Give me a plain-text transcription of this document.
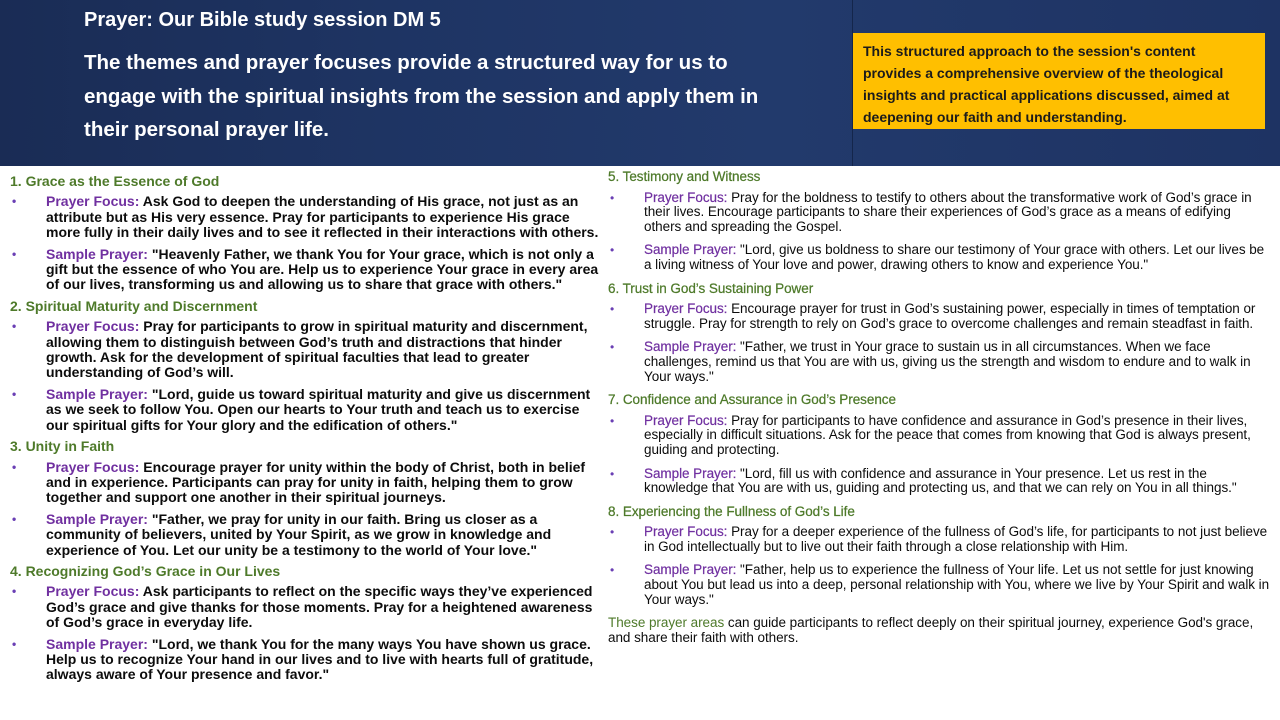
Prayer: Our Bible study session DM 5
The themes and prayer focuses provide a structured way for us to engage with the spiritual insights from the session and apply them in their personal prayer life.
This structured approach to the session's content provides a comprehensive overview of the theological insights and practical applications discussed, aimed at deepening our faith and understanding.
1. Grace as the Essence of God
• Prayer Focus: Ask God to deepen the understanding of His grace, not just as an attribute but as His very essence. Pray for participants to experience His grace more fully in their daily lives and to see it reflected in their interactions with others.
• Sample Prayer: "Heavenly Father, we thank You for Your grace, which is not only a gift but the essence of who You are. Help us to experience Your grace in every area of our lives, transforming us and allowing us to share that grace with others."
2. Spiritual Maturity and Discernment
• Prayer Focus: Pray for participants to grow in spiritual maturity and discernment, allowing them to distinguish between God’s truth and distractions that hinder growth. Ask for the development of spiritual faculties that lead to greater understanding of God’s will.
• Sample Prayer: "Lord, guide us toward spiritual maturity and give us discernment as we seek to follow You. Open our hearts to Your truth and teach us to exercise our spiritual gifts for Your glory and the edification of others."
3. Unity in Faith
• Prayer Focus: Encourage prayer for unity within the body of Christ, both in belief and in experience. Participants can pray for unity in faith, helping them to grow together and support one another in their spiritual journeys.
• Sample Prayer: "Father, we pray for unity in our faith. Bring us closer as a community of believers, united by Your Spirit, as we grow in knowledge and experience of You. Let our unity be a testimony to the world of Your love."
4. Recognizing God’s Grace in Our Lives
• Prayer Focus: Ask participants to reflect on the specific ways they’ve experienced God’s grace and give thanks for those moments. Pray for a heightened awareness of God’s grace in everyday life.
• Sample Prayer: "Lord, we thank You for the many ways You have shown us grace. Help us to recognize Your hand in our lives and to live with hearts full of gratitude, always aware of Your presence and favor."
5. Testimony and Witness
• Prayer Focus: Pray for the boldness to testify to others about the transformative work of God’s grace in their lives. Encourage participants to share their experiences of God’s grace as a means of edifying others and spreading the Gospel.
• Sample Prayer: "Lord, give us boldness to share our testimony of Your grace with others. Let our lives be a living witness of Your love and power, drawing others to know and experience You."
6. Trust in God’s Sustaining Power
• Prayer Focus: Encourage prayer for trust in God’s sustaining power, especially in times of temptation or struggle. Pray for strength to rely on God’s grace to overcome challenges and remain steadfast in faith.
• Sample Prayer: "Father, we trust in Your grace to sustain us in all circumstances. When we face challenges, remind us that You are with us, giving us the strength and wisdom to endure and to walk in Your ways."
7. Confidence and Assurance in God’s Presence
• Prayer Focus: Pray for participants to have confidence and assurance in God’s presence in their lives, especially in difficult situations. Ask for the peace that comes from knowing that God is always present, guiding and protecting.
• Sample Prayer: "Lord, fill us with confidence and assurance in Your presence. Let us rest in the knowledge that You are with us, guiding and protecting us, and that we can rely on You in all things."
8. Experiencing the Fullness of God’s Life
• Prayer Focus: Pray for a deeper experience of the fullness of God’s life, for participants to not just believe in God intellectually but to live out their faith through a close relationship with Him.
• Sample Prayer: "Father, help us to experience the fullness of Your life. Let us not settle for just knowing about You but lead us into a deep, personal relationship with You, where we live by Your Spirit and walk in Your ways."
These prayer areas can guide participants to reflect deeply on their spiritual journey, experience God's grace, and share their faith with others.
